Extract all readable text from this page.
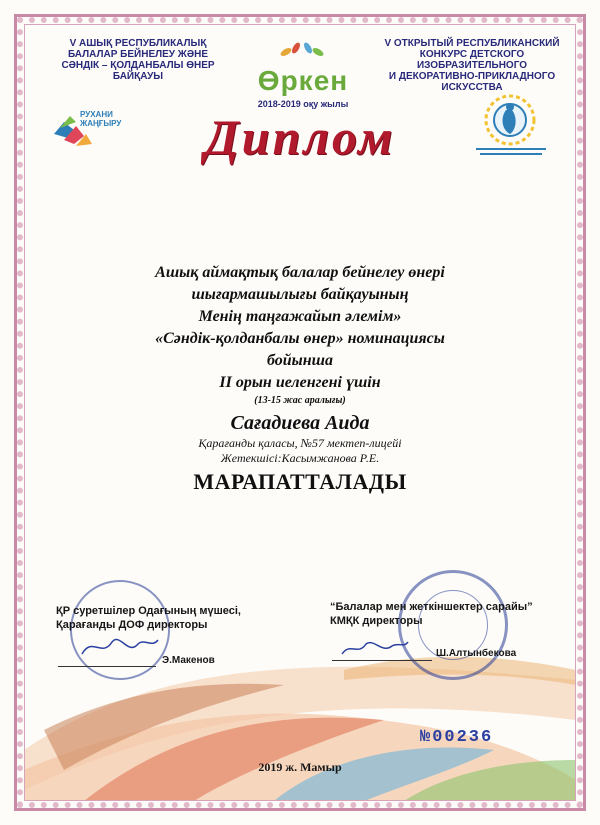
V АШЫҚ РЕСПУБЛИКАЛЫҚ
БАЛАЛАР БЕЙНЕЛЕУ ЖӘНЕ
СӘНДІК – ҚОЛДАНБАЛЫ ӨНЕР
БАЙҚАУЫ	Өркен
2018-2019 оқу жылы
V ОТКРЫТЫЙ РЕСПУБЛИКАНСКИЙ
КОНКУРС ДЕТСКОГО
ИЗОБРАЗИТЕЛЬНОГО
И ДЕКОРАТИВНО-ПРИКЛАДНОГО
ИСКУССТВА
РУХАНИ
ЖАҢҒЫРУ	Диплом
Ашық аймақтық балалар бейнелеу өнері
шығармашылығы байқауының
Менің таңғажайып әлемім»
«Сәндік-қолданбалы өнер» номинациясы
бойынша
II орын иеленгені үшін
(13-15 жас аралығы)
Сағадиева Аида
Қарағанды қаласы, №57 мектеп-лицейі
Жетекшісі:Касымжанова Р.Е.
МАРАПАТТАЛАДЫ
ҚР суретшілер Одағының мүшесі,
Қарағанды ДОФ директоры
Э.Макенов
“Балалар мен жеткіншектер сарайы”
КМҚК директоры
Ш.Алтынбекова
№00236
2019 ж. Мамыр
